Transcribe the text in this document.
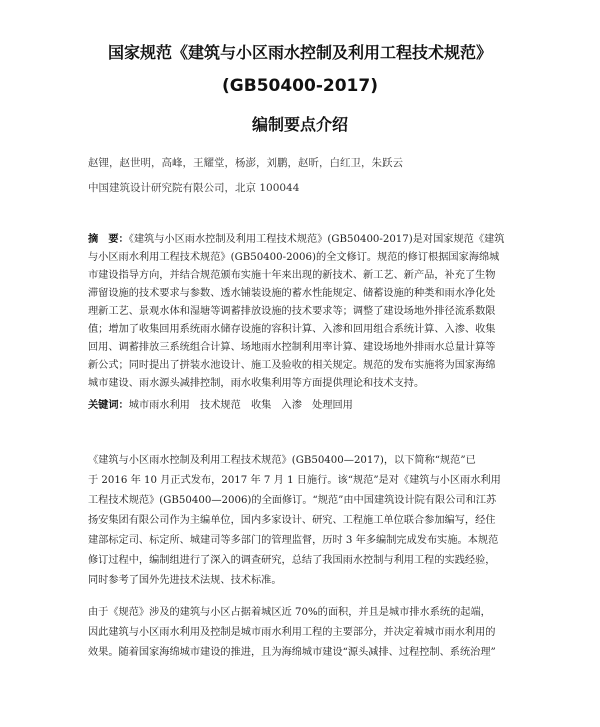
国家规范《建筑与小区雨水控制及利用工程技术规范》
(GB50400-2017)
编制要点介绍
赵锂，赵世明，高峰，王耀堂，杨澎，刘鹏，赵昕，白红卫，朱跃云
中国建筑设计研究院有限公司，北京 100044
摘　要：《建筑与小区雨水控制及利用工程技术规范》(GB50400-2017)是对国家规范《建筑
与小区雨水利用工程技术规范》(GB50400-2006)的全文修订。规范的修订根据国家海绵城
市建设指导方向，并结合规范颁布实施十年来出现的新技术、新工艺、新产品，补充了生物
滞留设施的技术要求与参数、透水铺装设施的蓄水性能规定、储蓄设施的种类和雨水净化处
理新工艺、景观水体和湿塘等调蓄排放设施的技术要求等；调整了建设场地外排径流系数限
值；增加了收集回用系统雨水储存设施的容积计算、入渗和回用组合系统计算、入渗、收集
回用、调蓄排放三系统组合计算、场地雨水控制利用率计算、建设场地外排雨水总量计算等
新公式；同时提出了拼装水池设计、施工及验收的相关规定。规范的发布实施将为国家海绵
城市建设、雨水源头减排控制，雨水收集利用等方面提供理论和技术支持。
关键词：城市雨水利用　技术规范　收集　入渗　处理回用
《建筑与小区雨水控制及利用工程技术规范》(GB50400—2017)，以下简称“规范”已
于 2016 年 10 月正式发布，2017 年 7 月 1 日施行。该“规范”是对《建筑与小区雨水利用
工程技术规范》(GB50400—2006)的全面修订。“规范”由中国建筑设计院有限公司和江苏
扬安集团有限公司作为主编单位，国内多家设计、研究、工程施工单位联合参加编写，经住
建部标定司、标定所、城建司等多部门的管理监督，历时 3 年多编制完成发布实施。本规范
修订过程中，编制组进行了深入的调查研究，总结了我国雨水控制与利用工程的实践经验，
同时参考了国外先进技术法规、技术标准。
由于《规范》涉及的建筑与小区占据着城区近 70%的面积，并且是城市排水系统的起端，
因此建筑与小区雨水利用及控制是城市雨水利用工程的主要部分，并决定着城市雨水利用的
效果。随着国家海绵城市建设的推进，且为海绵城市建设“源头减排、过程控制、系统治理”
